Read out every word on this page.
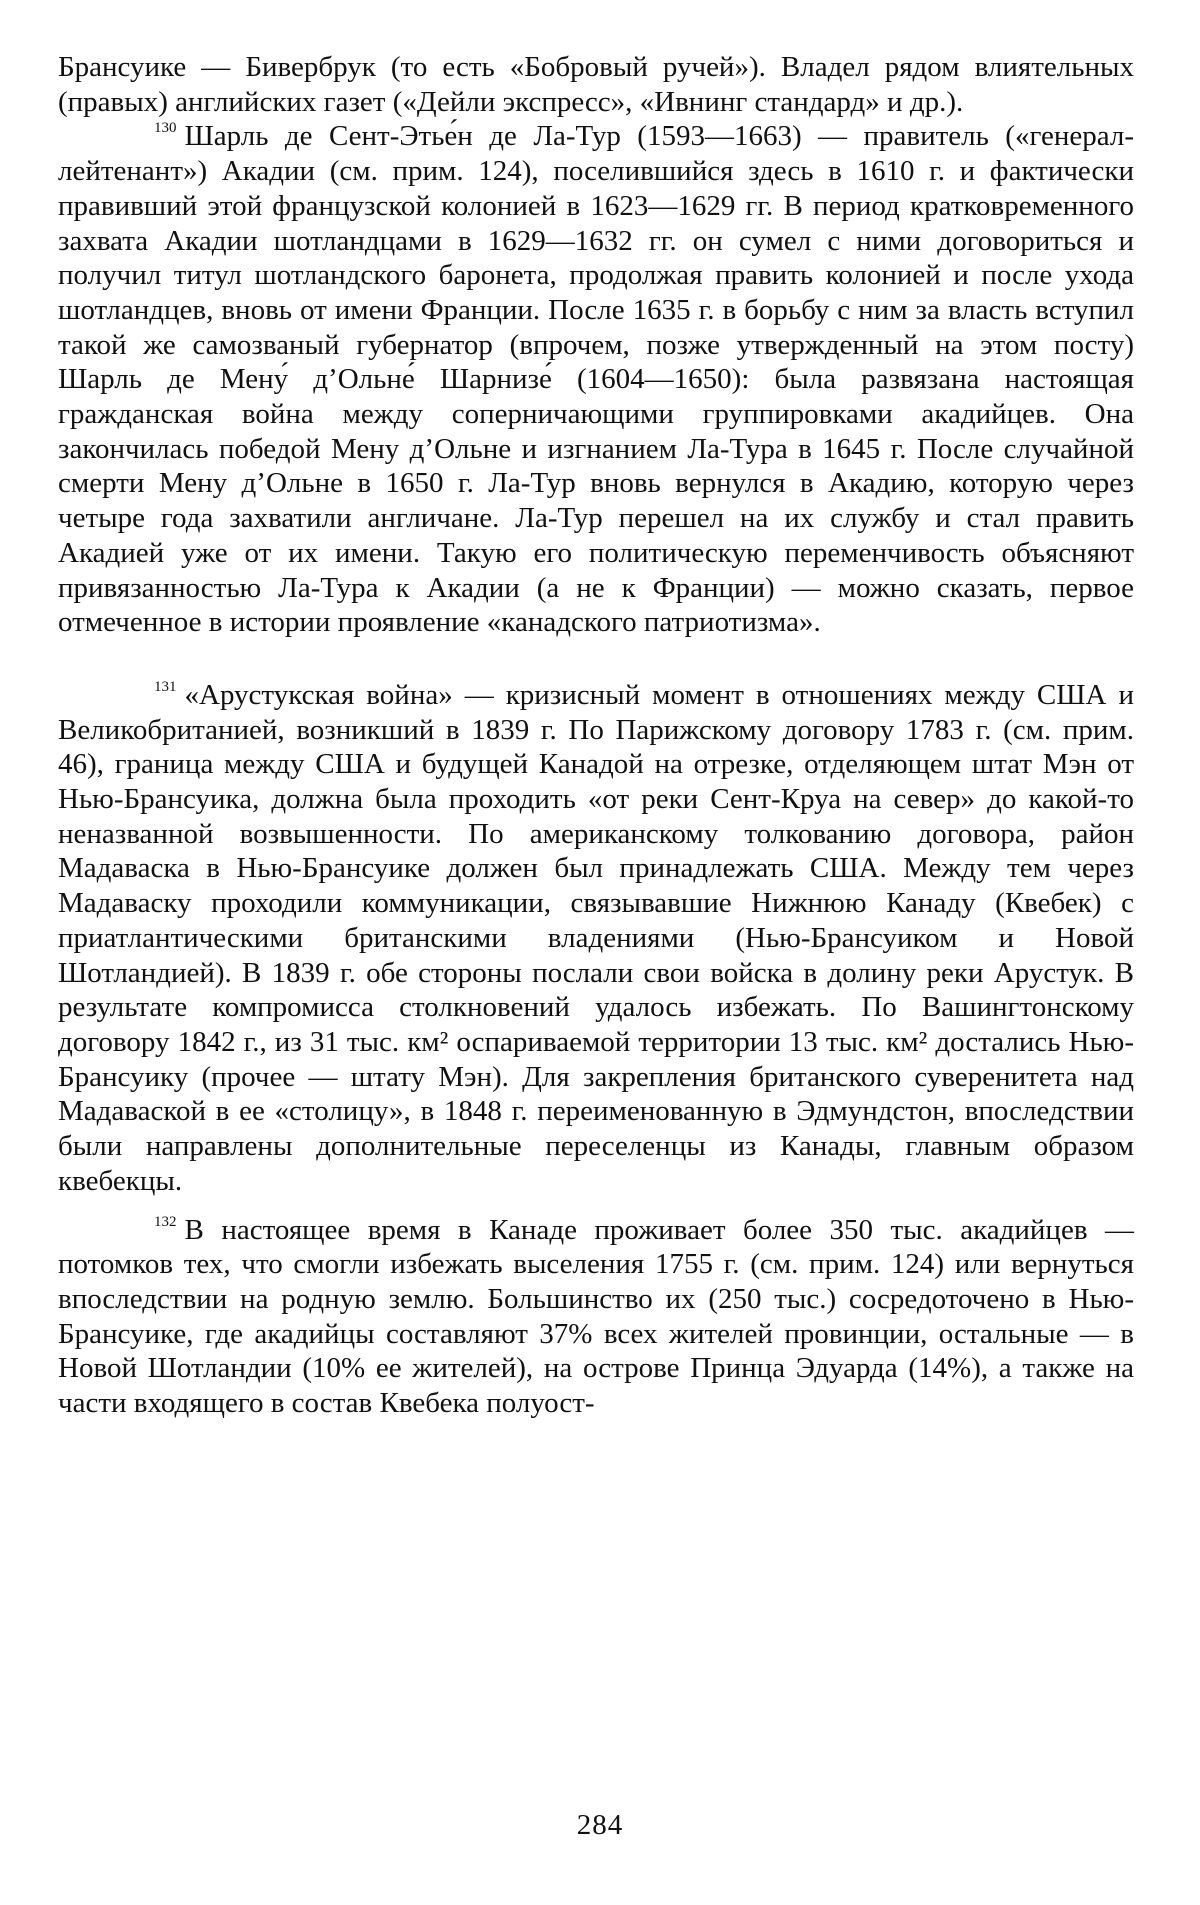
Брансуике — Бивербрук (то есть «Бобровый ручей»). Владел рядом влиятельных (правых) английских газет («Дейли экспресс», «Ивнинг стандард» и др.).

$^{130}$ Шарль де Сент-Этье́н де Ла-Тур (1593—1663) — правитель («генерал-лейтенант») Акадии (см. прим. 124), поселившийся здесь в 1610 г. и фактически правивший этой французской колонией в 1623—1629 гг. В период кратковременного захвата Акадии шотландцами в 1629—1632 гг. он сумел с ними договориться и получил титул шотландского баронета, продолжая править колонией и после ухода шотландцев, вновь от имени Франции. После 1635 г. в борьбу с ним за власть вступил такой же самозваный губернатор (впрочем, позже утвержденный на этом посту) Шарль де Мену́ д’Ольне́ Шарнизе́ (1604—1650): была развязана настоящая гражданская война между соперничающими группировками акадийцев. Она закончилась победой Мену д’Ольне и изгнанием Ла-Тура в 1645 г. После случайной смерти Мену д’Ольне в 1650 г. Ла-Тур вновь вернулся в Акадию, которую через четыре года захватили англичане. Ла-Тур перешел на их службу и стал править Акадией уже от их имени. Такую его политическую переменчивость объясняют привязанностью Ла-Тура к Акадии (а не к Франции) — можно сказать, первое отмеченное в истории проявление «канадского патриотизма».

$^{131}$ «Арустукская война» — кризисный момент в отношениях между США и Великобританией, возникший в 1839 г. По Парижскому договору 1783 г. (см. прим. 46), граница между США и будущей Канадой на отрезке, отделяющем штат Мэн от Нью-Брансуика, должна была проходить «от реки Сент-Круа на север» до какой-то неназванной возвышенности. По американскому толкованию договора, район Мадаваска в Нью-Брансуике должен был принадлежать США. Между тем через Мадаваску проходили коммуникации, связывавшие Нижнюю Канаду (Квебек) с приатлантическими британскими владениями (Нью-Брансуиком и Новой Шотландией). В 1839 г. обе стороны послали свои войска в долину реки Арустук. В результате компромисса столкновений удалось избежать. По Вашингтонскому договору 1842 г., из 31 тыс. км² оспариваемой территории 13 тыс. км² достались Нью-Брансуику (прочее — штату Мэн). Для закрепления британского суверенитета над Мадаваской в ее «столицу», в 1848 г. переименованную в Эдмундстон, впоследствии были направлены дополнительные переселенцы из Канады, главным образом квебекцы.

$^{132}$ В настоящее время в Канаде проживает более 350 тыс. акадийцев — потомков тех, что смогли избежать выселения 1755 г. (см. прим. 124) или вернуться впоследствии на родную землю. Большинство их (250 тыс.) сосредоточено в Нью-Брансуике, где акадийцы составляют 37% всех жителей провинции, остальные — в Новой Шотландии (10% ее жителей), на острове Принца Эдуарда (14%), а также на части входящего в состав Квебека полуост-

284
